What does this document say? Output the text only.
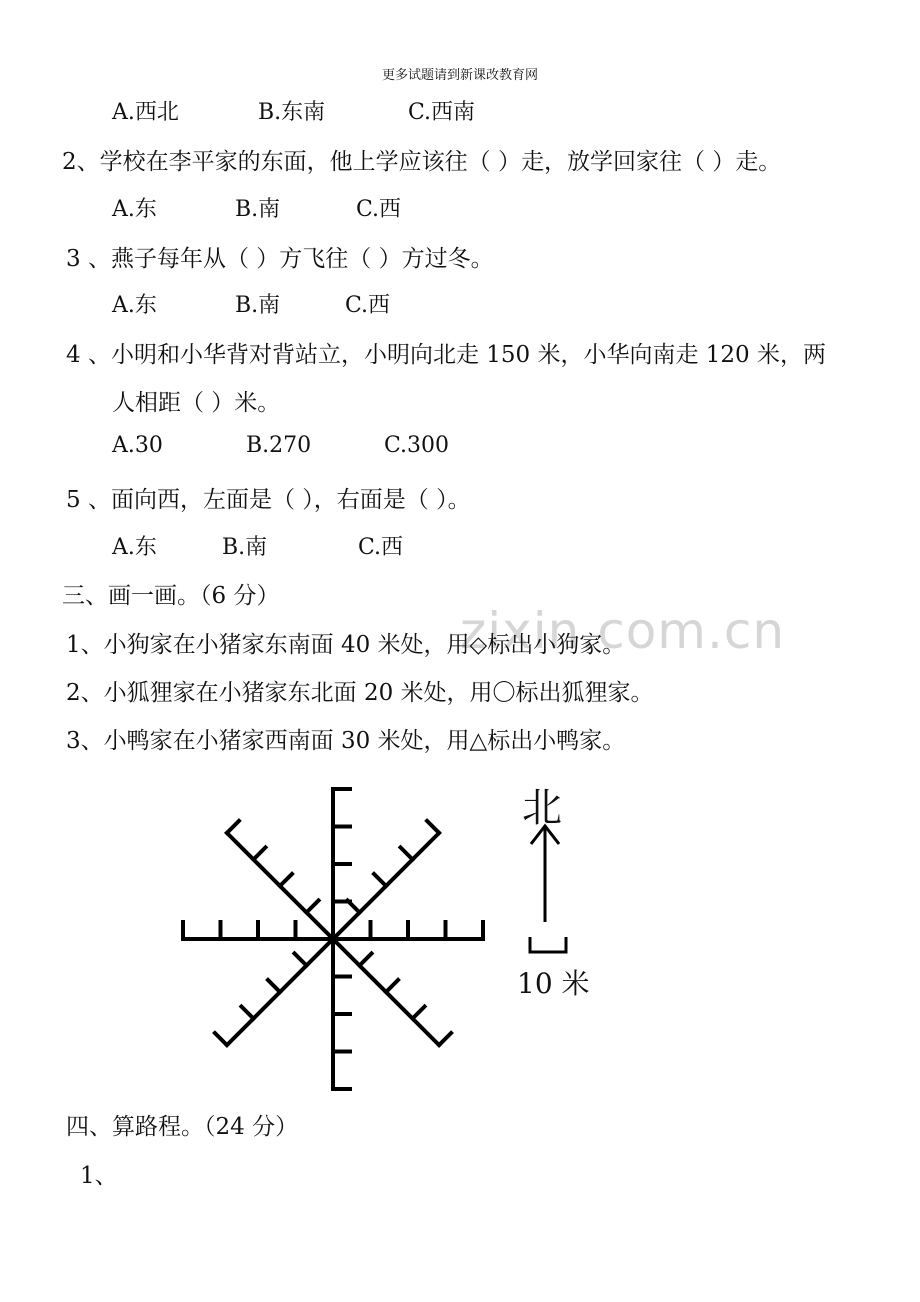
更多试题请到新课改教育网
A.西北	B.东南	C.西南
2、学校在李平家的东面，他上学应该往（ ）走，放学回家往（ ）走。
A.东	B.南	C.西
3 、燕子每年从（ ）方飞往（ ）方过冬。
A.东	B.南	C.西
4 、小明和小华背对背站立，小明向北走 150 米，小华向南走 120 米，两
人相距（ ）米。
A.30	B.270	C.300
5 、面向西，左面是（ ），右面是（ ）。
A.东	B.南	C.西
zixin.com.cn
三、画一画。（6 分）
1、小狗家在小猪家东南面 40 米处，用◇标出小狗家。
2、小狐狸家在小猪家东北面 20 米处，用〇标出狐狸家。
3、小鸭家在小猪家西南面 30 米处，用△标出小鸭家。
北
10 米
四、算路程。（24 分）
1、
